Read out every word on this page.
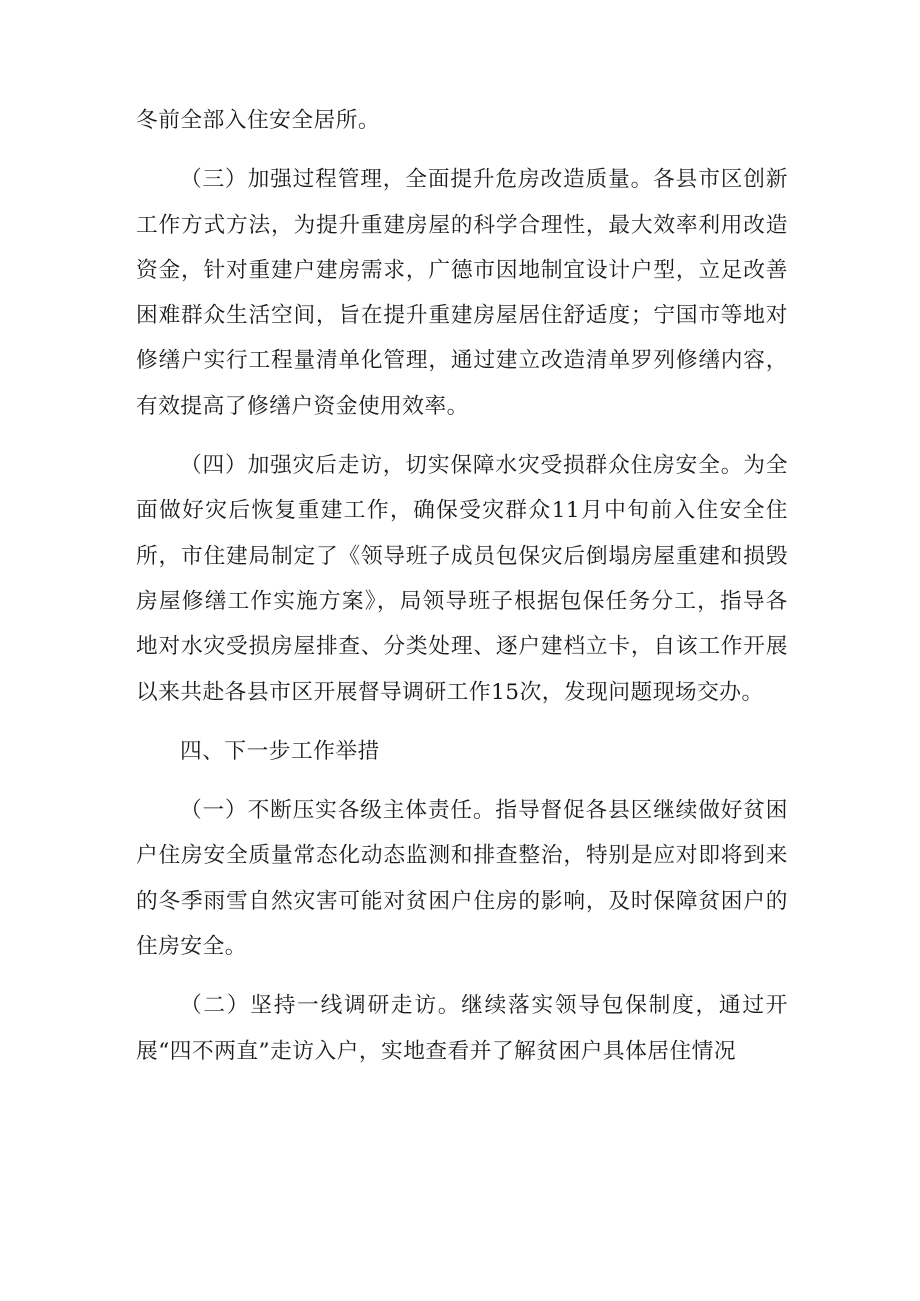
冬前全部入住安全居所。

（三）加强过程管理，全面提升危房改造质量。各县市区创新工作方式方法，为提升重建房屋的科学合理性，最大效率利用改造资金，针对重建户建房需求，广德市因地制宜设计户型，立足改善困难群众生活空间，旨在提升重建房屋居住舒适度；宁国市等地对修缮户实行工程量清单化管理，通过建立改造清单罗列修缮内容，有效提高了修缮户资金使用效率。

（四）加强灾后走访，切实保障水灾受损群众住房安全。为全面做好灾后恢复重建工作，确保受灾群众11月中旬前入住安全住所，市住建局制定了《领导班子成员包保灾后倒塌房屋重建和损毁房屋修缮工作实施方案》，局领导班子根据包保任务分工，指导各地对水灾受损房屋排查、分类处理、逐户建档立卡，自该工作开展以来共赴各县市区开展督导调研工作15次，发现问题现场交办。

四、下一步工作举措

（一）不断压实各级主体责任。指导督促各县区继续做好贫困户住房安全质量常态化动态监测和排查整治，特别是应对即将到来的冬季雨雪自然灾害可能对贫困户住房的影响，及时保障贫困户的住房安全。

（二）坚持一线调研走访。继续落实领导包保制度，通过开展“四不两直”走访入户，实地查看并了解贫困户具体居住情况
